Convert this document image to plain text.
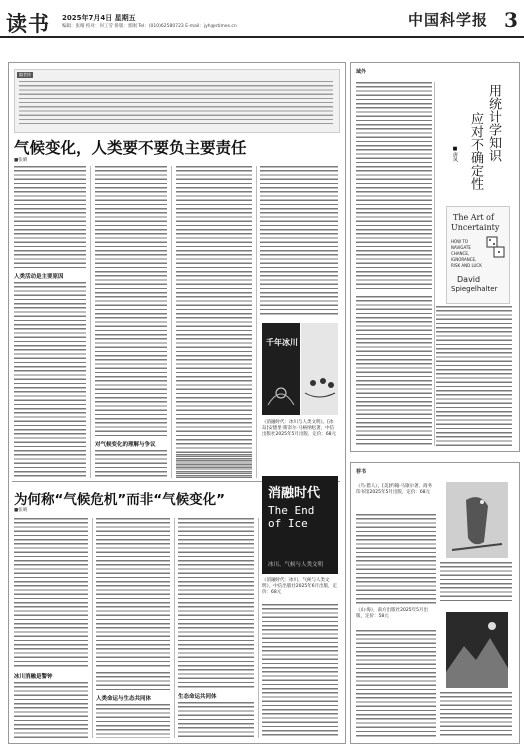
读书 2025年7月4日 星期五
编辑：张晴 校对：何工劳 排版：郭刚 Tel：(010)62580723 E-mail：jyh@stimes.cn	中国科学报 3
编者按
气候变化，人类要不要负主要责任
■张晴
人类活动是主要原因
对气候变化的理解与争议
千年冰川
《消融时代：冰川与人类文明》，[冰岛]安德里·斯奈尔·马格纳松著，中信出版社2025年5月出版，定价：68元
为何称“气候危机”而非“气候变化”
■张晴
冰川消融是警钟
人类命运与生态共同体	生态命运共同体
消融时代
The End of Ice
冰川、气候与人类文明
《消融时代：冰川、气候与人类文明》，中信出版社2025年6月出版，定价：68元
域外
用统计学知识
应对不确定性
■唐风
The Art of
Uncertainty
HOW TO
NAVIGATE
CHANCE,
IGNORANCE,
RISK AND LUCK
David
Spiegelhalter
荐书
《鸟·猎人》，[美]约翰·马歇尔著，商务印书馆2025年5月出版，定价：68元
《山·海》，南方出版社2025年5月出版，定价：58元
